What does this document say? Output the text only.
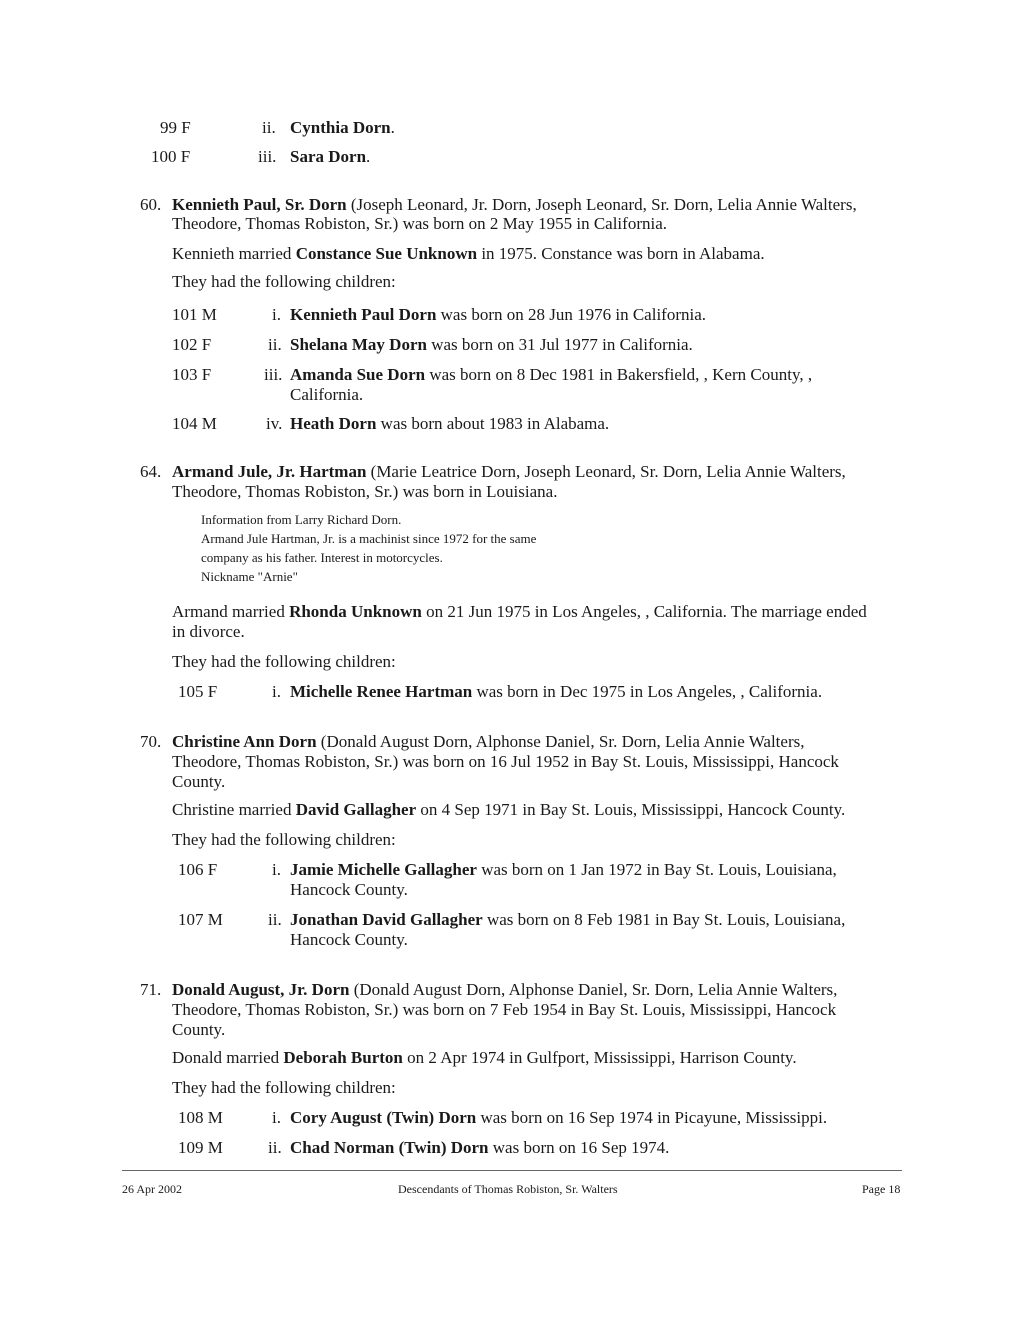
99 F	ii. Cynthia Dorn.
100 F	iii. Sara Dorn.
60. Kennieth Paul, Sr. Dorn (Joseph Leonard, Jr. Dorn, Joseph Leonard, Sr. Dorn, Lelia Annie Walters,
Theodore, Thomas Robiston, Sr.) was born on 2 May 1955 in California.
Kennieth married Constance Sue Unknown in 1975. Constance was born in Alabama.
They had the following children:
101 M	i. Kennieth Paul Dorn was born on 28 Jun 1976 in California.
102 F	ii. Shelana May Dorn was born on 31 Jul 1977 in California.
103 F	iii. Amanda Sue Dorn was born on 8 Dec 1981 in Bakersfield, , Kern County, ,
California.
104 M	iv. Heath Dorn was born about 1983 in Alabama.
64. Armand Jule, Jr. Hartman (Marie Leatrice Dorn, Joseph Leonard, Sr. Dorn, Lelia Annie Walters,
Theodore, Thomas Robiston, Sr.) was born in Louisiana.
Information from Larry Richard Dorn.
Armand Jule Hartman, Jr. is a machinist since 1972 for the same
company as his father. Interest in motorcycles.
Nickname "Arnie"
Armand married Rhonda Unknown on 21 Jun 1975 in Los Angeles, , California. The marriage ended
in divorce.
They had the following children:
105 F	i. Michelle Renee Hartman was born in Dec 1975 in Los Angeles, , California.
70. Christine Ann Dorn (Donald August Dorn, Alphonse Daniel, Sr. Dorn, Lelia Annie Walters,
Theodore, Thomas Robiston, Sr.) was born on 16 Jul 1952 in Bay St. Louis, Mississippi, Hancock
County.
Christine married David Gallagher on 4 Sep 1971 in Bay St. Louis, Mississippi, Hancock County.
They had the following children:
106 F	i. Jamie Michelle Gallagher was born on 1 Jan 1972 in Bay St. Louis, Louisiana,
Hancock County.
107 M	ii. Jonathan David Gallagher was born on 8 Feb 1981 in Bay St. Louis, Louisiana,
Hancock County.
71. Donald August, Jr. Dorn (Donald August Dorn, Alphonse Daniel, Sr. Dorn, Lelia Annie Walters,
Theodore, Thomas Robiston, Sr.) was born on 7 Feb 1954 in Bay St. Louis, Mississippi, Hancock
County.
Donald married Deborah Burton on 2 Apr 1974 in Gulfport, Mississippi, Harrison County.
They had the following children:
108 M	i. Cory August (Twin) Dorn was born on 16 Sep 1974 in Picayune, Mississippi.
109 M	ii. Chad Norman (Twin) Dorn was born on 16 Sep 1974.
26 Apr 2002	Descendants of Thomas Robiston, Sr. Walters	Page 18
